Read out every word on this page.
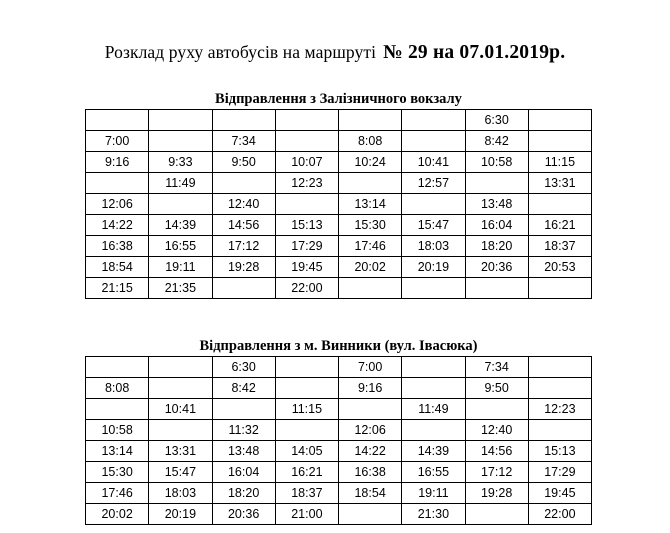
Розклад руху автобусів на маршруті № 29 на 07.01.2019р.
Відправлення з Залізничного вокзалу
						6:30	
7:00		7:34		8:08		8:42	
9:16	9:33	9:50	10:07	10:24	10:41	10:58	11:15
	11:49		12:23		12:57		13:31
12:06		12:40		13:14		13:48	
14:22	14:39	14:56	15:13	15:30	15:47	16:04	16:21
16:38	16:55	17:12	17:29	17:46	18:03	18:20	18:37
18:54	19:11	19:28	19:45	20:02	20:19	20:36	20:53
21:15	21:35		22:00				
Відправлення з м. Винники (вул. Івасюка)
		6:30		7:00		7:34	
8:08		8:42		9:16		9:50	
	10:41		11:15		11:49		12:23
10:58		11:32		12:06		12:40	
13:14	13:31	13:48	14:05	14:22	14:39	14:56	15:13
15:30	15:47	16:04	16:21	16:38	16:55	17:12	17:29
17:46	18:03	18:20	18:37	18:54	19:11	19:28	19:45
20:02	20:19	20:36	21:00		21:30		22:00
